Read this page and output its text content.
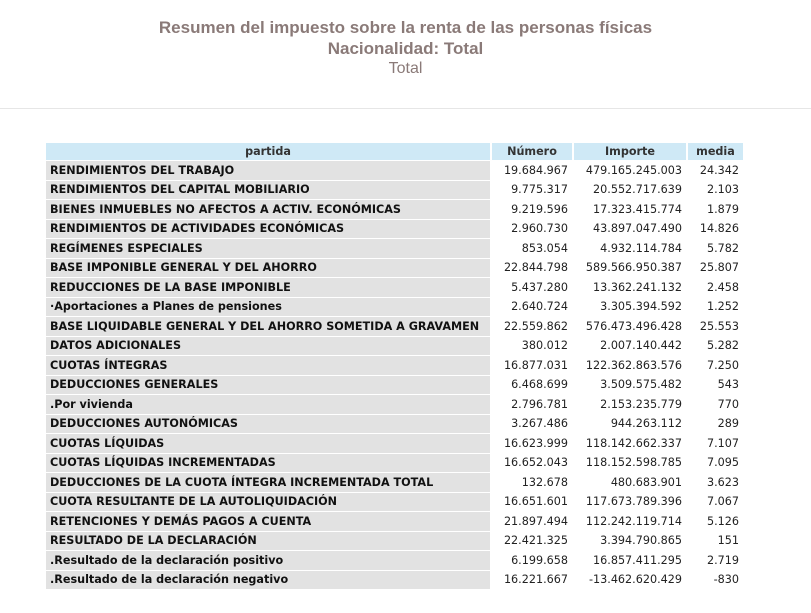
Resumen del impuesto sobre la renta de las personas físicas
Nacionalidad: Total
Total
partida	Número	Importe	media
RENDIMIENTOS DEL TRABAJO	19.684.967	479.165.245.003	24.342
RENDIMIENTOS DEL CAPITAL MOBILIARIO	9.775.317	20.552.717.639	2.103
BIENES INMUEBLES NO AFECTOS A ACTIV. ECONÓMICAS	9.219.596	17.323.415.774	1.879
RENDIMIENTOS DE ACTIVIDADES ECONÓMICAS	2.960.730	43.897.047.490	14.826
REGÍMENES ESPECIALES	853.054	4.932.114.784	5.782
BASE IMPONIBLE GENERAL Y DEL AHORRO	22.844.798	589.566.950.387	25.807
REDUCCIONES DE LA BASE IMPONIBLE	5.437.280	13.362.241.132	2.458
·Aportaciones a Planes de pensiones	2.640.724	3.305.394.592	1.252
BASE LIQUIDABLE GENERAL Y DEL AHORRO SOMETIDA A GRAVAMEN	22.559.862	576.473.496.428	25.553
DATOS ADICIONALES	380.012	2.007.140.442	5.282
CUOTAS ÍNTEGRAS	16.877.031	122.362.863.576	7.250
DEDUCCIONES GENERALES	6.468.699	3.509.575.482	543
.Por vivienda	2.796.781	2.153.235.779	770
DEDUCCIONES AUTONÓMICAS	3.267.486	944.263.112	289
CUOTAS LÍQUIDAS	16.623.999	118.142.662.337	7.107
CUOTAS LÍQUIDAS INCREMENTADAS	16.652.043	118.152.598.785	7.095
DEDUCCIONES DE LA CUOTA ÍNTEGRA INCREMENTADA TOTAL	132.678	480.683.901	3.623
CUOTA RESULTANTE DE LA AUTOLIQUIDACIÓN	16.651.601	117.673.789.396	7.067
RETENCIONES Y DEMÁS PAGOS A CUENTA	21.897.494	112.242.119.714	5.126
RESULTADO DE LA DECLARACIÓN	22.421.325	3.394.790.865	151
.Resultado de la declaración positivo	6.199.658	16.857.411.295	2.719
.Resultado de la declaración negativo	16.221.667	-13.462.620.429	-830
